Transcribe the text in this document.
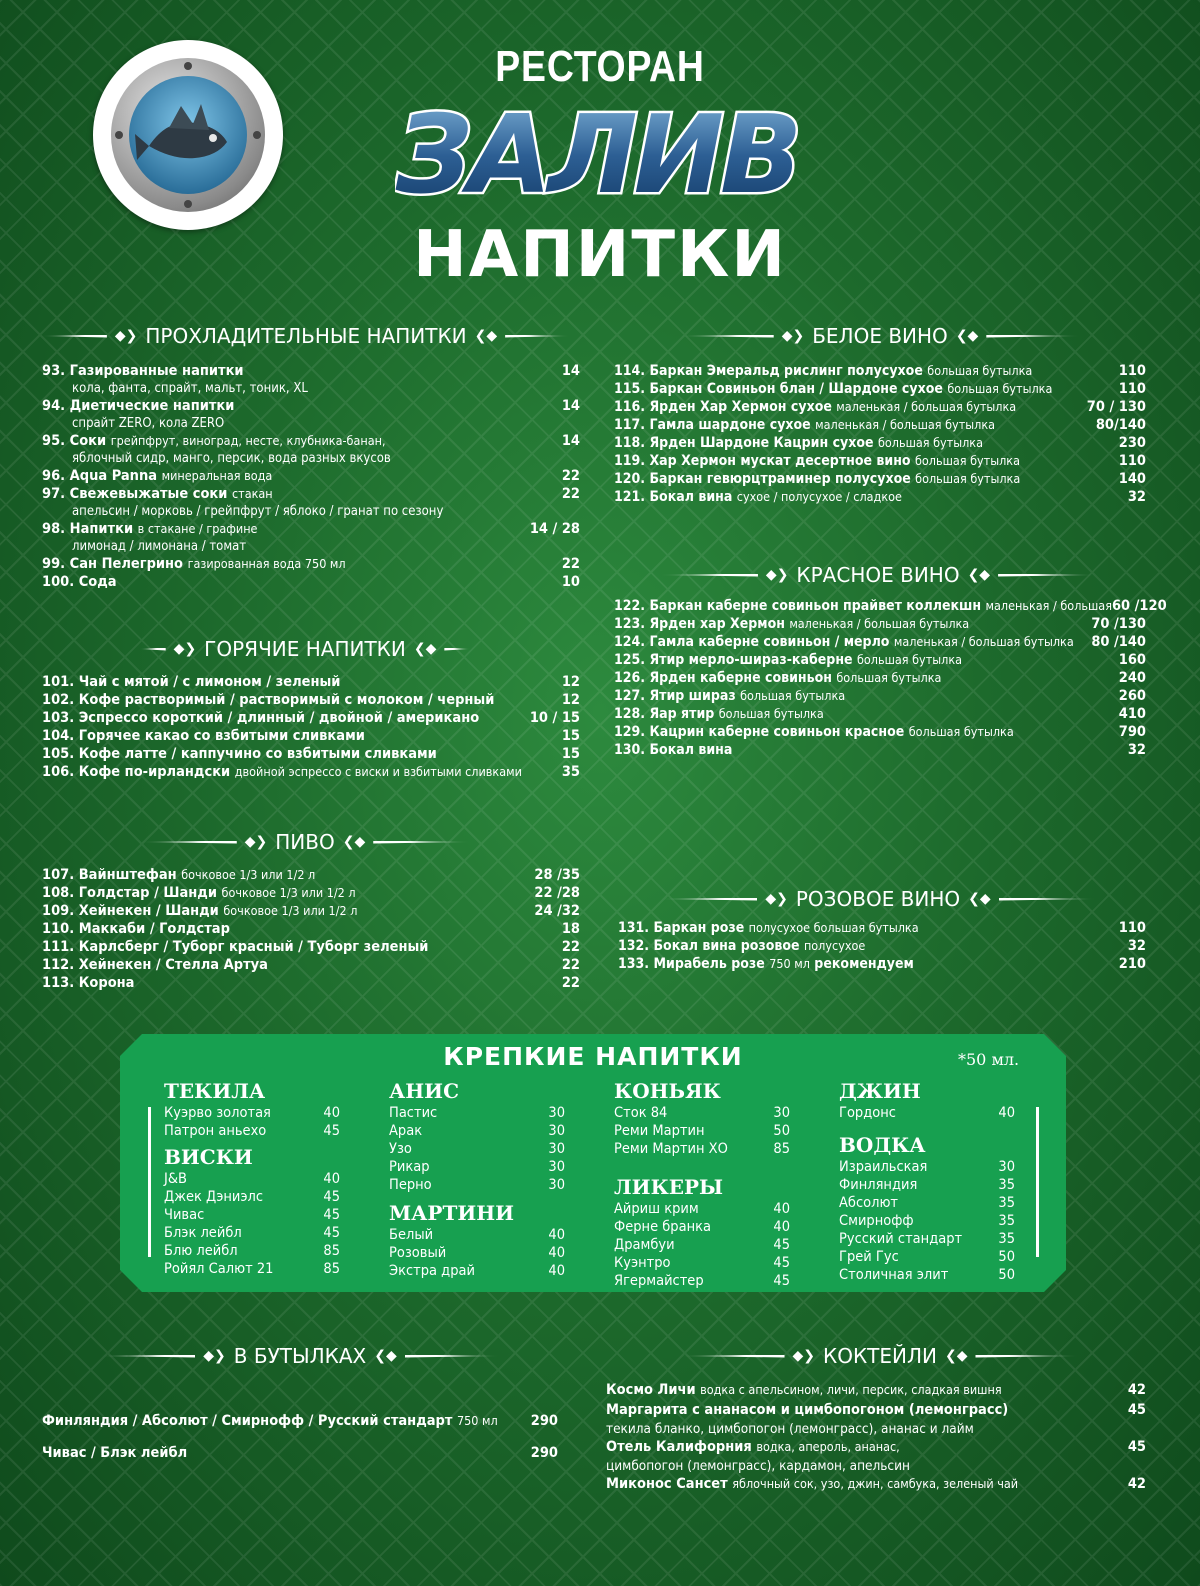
РЕСТОРАН
ЗАЛИВ
НАПИТКИ
◆❯ ПРОХЛАДИТЕЛЬНЫЕ НАПИТКИ ❮◆
93. Газированные напитки	14
кола, фанта, спрайт, мальт, тоник, XL
94. Диетические напитки	14
спрайт ZERO, кола ZERO
95. Соки грейпфрут, виноград, несте, клубника-банан,	14
яблочный сидр, манго, персик, вода разных вкусов
96. Aqua Panna минеральная вода	22
97. Свежевыжатые соки стакан	22
апельсин / морковь / грейпфрут / яблоко / гранат по сезону
98. Напитки в стакане / графине	14 / 28
лимонад / лимонана / томат
99. Сан Пелегрино газированная вода 750 мл	22
100. Сода	10
◆❯ ГОРЯЧИЕ НАПИТКИ ❮◆
101. Чай с мятой / с лимоном / зеленый	12
102. Кофе растворимый / растворимый с молоком / черный	12
103. Эспрессо короткий / длинный / двойной / американо	10 / 15
104. Горячее какао со взбитыми сливками	15
105. Кофе латте / каппучино со взбитыми сливками	15
106. Кофе по-ирландски двойной эспрессо с виски и взбитыми сливками	35
◆❯ ПИВО ❮◆
107. Вайнштефан бочковое 1/3 или 1/2 л	28 /35
108. Голдстар / Шанди бочковое 1/3 или 1/2 л	22 /28
109. Хейнекен / Шанди бочковое 1/3 или 1/2 л	24 /32
110. Маккаби / Голдстар	18
111. Карлсберг / Туборг красный / Туборг зеленый	22
112. Хейнекен / Стелла Артуа	22
113. Корона	22
◆❯ БЕЛОЕ ВИНО ❮◆
114. Баркан Эмеральд рислинг полусухое большая бутылка	110
115. Баркан Совиньон блан / Шардоне сухое большая бутылка	110
116. Ярден Хар Хермон сухое маленькая / большая бутылка	70 / 130
117. Гамла шардоне сухое маленькая / большая бутылка	80/140
118. Ярден Шардоне Кацрин сухое большая бутылка	230
119. Хар Хермон мускат десертное вино большая бутылка	110
120. Баркан гевюрцтраминер полусухое большая бутылка	140
121. Бокал вина сухое / полусухое / сладкое	32
◆❯ КРАСНОЕ ВИНО ❮◆
122. Баркан каберне совиньон прайвет коллекшн маленькая / большая 60 /120
123. Ярден хар Хермон маленькая / большая бутылка	70 /130
124. Гамла каберне совиньон / мерло маленькая / большая бутылка 80 /140
125. Ятир мерло-шираз-каберне большая бутылка	160
126. Ярден каберне совиньон большая бутылка	240
127. Ятир шираз большая бутылка	260
128. Яар ятир большая бутылка	410
129. Кацрин каберне совиньон красное большая бутылка	790
130. Бокал вина	32
◆❯ РОЗОВОЕ ВИНО ❮◆
131. Баркан розе полусухое большая бутылка	110
132. Бокал вина розовое полусухое	32
133. Мирабель розе 750 мл рекомендуем	210
КРЕПКИЕ НАПИТКИ	*50 мл.
ТЕКИЛА
Куэрво золотая	40
Патрон аньехо	45
ВИСКИ
J&B	40
Джек Дэниэлс	45
Чивас	45
Блэк лейбл	45
Блю лейбл	85
Ройял Салют 21	85
АНИС
Пастис	30
Арак	30
Узо	30
Рикар	30
Перно	30
МАРТИНИ
Белый	40
Розовый	40
Экстра драй	40
КОНЬЯК
Сток 84	30
Реми Мартин	50
Реми Мартин ХО	85
ЛИКЕРЫ
Айриш крим	40
Ферне бранка	40
Драмбуи	45
Куэнтро	45
Ягермайстер	45
ДЖИН
Гордонс	40
ВОДКА
Израильская	30
Финляндия	35
Абсолют	35
Смирнофф	35
Русский стандарт	35
Грей Гус	50
Столичная элит	50
◆❯ В БУТЫЛКАХ ❮◆
Финляндия / Абсолют / Смирнофф / Русский стандарт 750 мл 290
Чивас / Блэк лейбл	290
◆❯ КОКТЕЙЛИ ❮◆
Космо Личи водка с апельсином, личи, персик, сладкая вишня	42
Маргарита с ананасом и цимбопогоном (лемонграсс)	45
текила бланко, цимбопогон (лемонграсс), ананас и лайм
Отель Калифорния водка, апероль, ананас,	45
цимбопогон (лемонграсс), кардамон, апельсин
Миконос Сансет яблочный сок, узо, джин, самбука, зеленый чай	42
